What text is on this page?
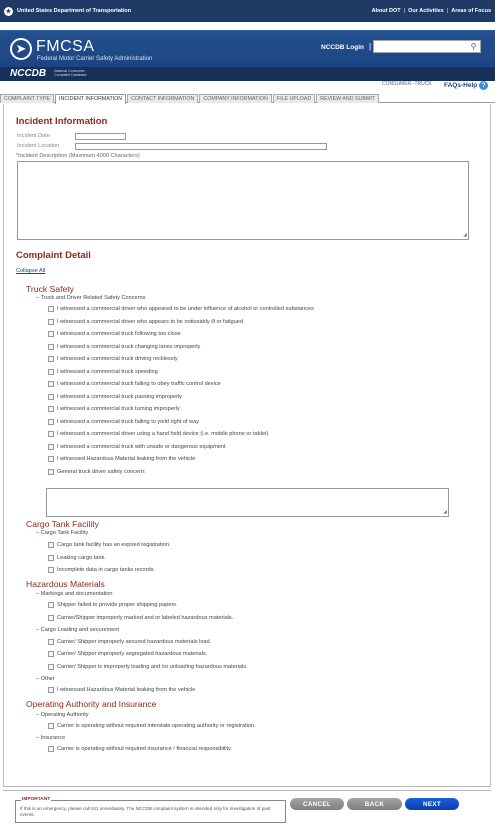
★	United States Department of Transportation	About DOT | Our Activities | Areas of Focus
➤ FMCSA
Federal Motor Carrier Safety Administration
NCCDB Login |	⚲
NCCDB National Consumer Complaint Database
CONSUMER--TRUCK FAQs-Help ?
COMPLAINT TYPE	INCIDENT INFORMATION	CONTACT INFORMATION	COMPANY INFORMATION	FILE UPLOAD	REVIEW AND SUBMIT
Incident Information
Incident Date
Incident Location
*Incident Description (Maximum 4000 Characters)
◢
Complaint Detail
Collapse All
Truck Safety
– Truck and Driver Related Safety Concerns
I witnessed a commercial driver who appeared to be under influence of alcohol or controlled substances
I witnessed a commercial driver who appears to be noticeably ill or fatigued
I witnessed a commercial truck following too close
I witnessed a commercial truck changing lanes improperly
I witnessed a commercial truck driving recklessly
I witnessed a commercial truck speeding
I witnessed a commercial truck failing to obey traffic control device
I witnessed a commercial truck passing improperly
I witnessed a commercial truck turning improperly
I witnessed a commercial truck failing to yield right of way
I witnessed a commercial driver using a hand held device (i.e. mobile phone or tablet)
I witnessed a commercial truck with unsafe or dangerous equipment
I witnessed Hazardous Material leaking from the vehicle
General truck driver safety concern:
◢
Cargo Tank Facility
– Cargo Tank Facility
Cargo tank facility has an expired registration.
Leaking cargo tank.
Incomplete data in cargo tanks records.
Hazardous Materials
– Markings and documentation
Shipper failed to provide proper shipping papers.
Carrier/Shipper improperly marked and or labeled hazardous materials.
– Cargo Loading and securement
Carrier/ Shipper improperly secured hazardous materials load.
Carrier/ Shipper improperly segregated hazardous materials.
Carrier/ Shipper is improperly loading and /or unloading hazardous materials.
– Other
I witnessed Hazardous Material leaking from the vehicle
Operating Authority and Insurance
– Operating Authority
Carrier is operating without required interstate operating authority or registration.
– Insurance
Carrier is operating without required insurance / financial responsibility.
IMPORTANT
If this is an emergency, please call 911 immediately. The NCCDB complaint system is intended only for investigation of past events.
CANCEL	BACK	NEXT
